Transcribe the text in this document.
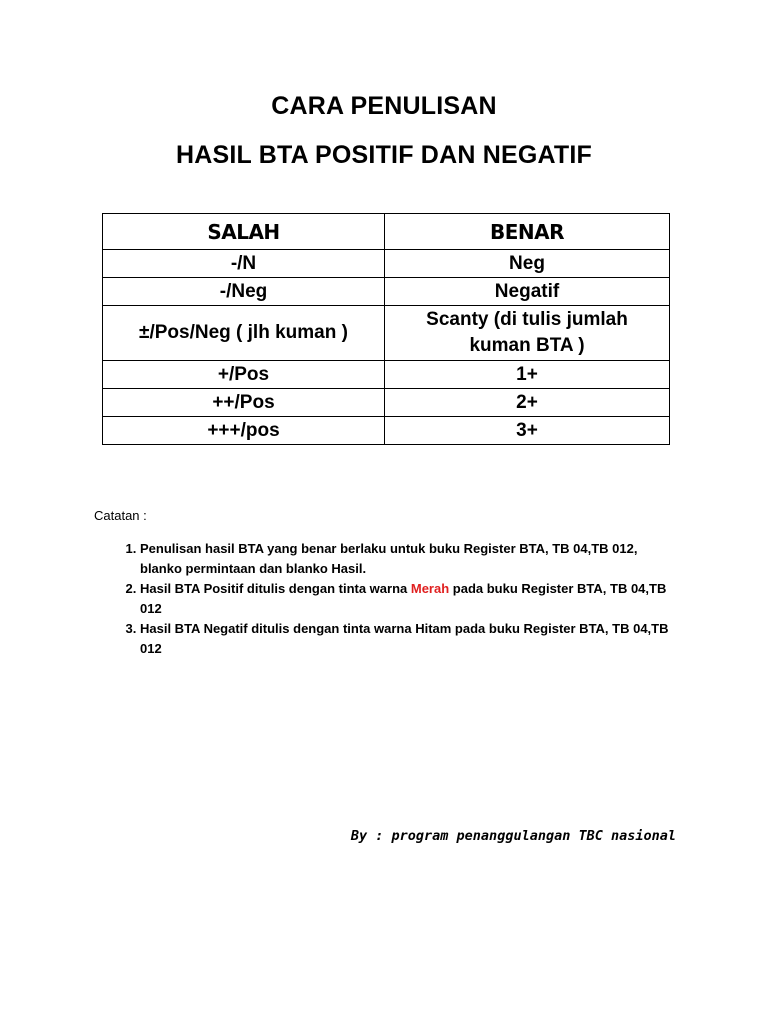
CARA PENULISAN
HASIL BTA POSITIF DAN NEGATIF
SALAH	BENAR
-/N	Neg
-/Neg	Negatif
±/Pos/Neg ( jlh kuman )	Scanty (di tulis jumlah kuman BTA )
+/Pos	1+
++/Pos	2+
+++/pos	3+
Catatan :
1. Penulisan hasil BTA yang benar berlaku untuk buku Register BTA, TB 04,TB 012, blanko permintaan dan blanko Hasil.
2. Hasil BTA Positif ditulis dengan tinta warna Merah pada buku Register BTA, TB 04,TB 012
3. Hasil BTA Negatif ditulis dengan tinta warna Hitam pada buku Register BTA, TB 04,TB 012
By : program penanggulangan TBC nasional
